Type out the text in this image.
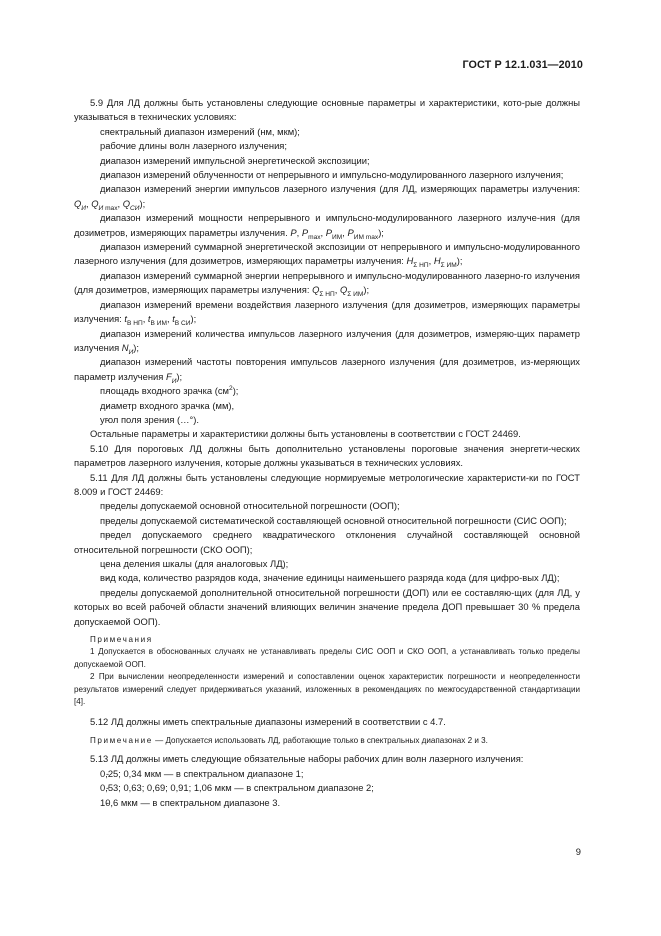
ГОСТ Р 12.1.031—2010

5.9 Для ЛД должны быть установлены следующие основные параметры и характеристики, кото-рые должны указываться в технических условиях:

- спектральный диапазон измерений (нм, мкм);

- рабочие длины волн лазерного излучения;

- диапазон измерений импульсной энергетической экспозиции;

- диапазон измерений облученности от непрерывного и импульсно-модулированного лазерного излучения;

- диапазон измерений энергии импульсов лазерного излучения (для ЛД, измеряющих параметры излучения: $Q_И$, $Q_{И max}$, $Q_{СИ}$);

- диапазон измерений мощности непрерывного и импульсно-модулированного лазерного излуче-ния (для дозиметров, измеряющих параметры излучения. P, $P_{max}$, $P_{ИМ}$, $P_{ИМ max}$);

- диапазон измерений суммарной энергетической экспозиции от непрерывного и импульсно-модулированного лазерного излучения (для дозиметров, измеряющих параметры излучения: $H_{\Sigma НП}$, $H_{\Sigma ИМ}$);

- диапазон измерений суммарной энергии непрерывного и импульсно-модулированного лазерно-го излучения (для дозиметров, измеряющих параметры излучения: $Q_{\Sigma НП}$, $Q_{\Sigma ИМ}$);

- диапазон измерений времени воздействия лазерного излучения (для дозиметров, измеряющих параметры излучения: $t_{В НП}$, $t_{В ИМ}$, $t_{В СИ}$);

- диапазон измерений количества импульсов лазерного излучения (для дозиметров, измеряю-щих параметр излучения $N_И$);

- диапазон измерений частоты повторения импульсов лазерного излучения (для дозиметров, из-меряющих параметр излучения $F_И$);

- площадь входного зрачка $(см^2)$;

- диаметр входного зрачка (мм),

- угол поля зрения (…°).

Остальные параметры и характеристики должны быть установлены в соответствии с ГОСТ 24469.

5.10 Для пороговых ЛД должны быть дополнительно установлены пороговые значения энергети-ческих параметров лазерного излучения, которые должны указываться в технических условиях.

5.11 Для ЛД должны быть установлены следующие нормируемые метрологические характеристи-ки по ГОСТ 8.009 и ГОСТ 24469:

- пределы допускаемой основной относительной погрешности (ООП);

- пределы допускаемой систематической составляющей основной относительной погрешности (СИС ООП);

- предел допускаемого среднего квадратического отклонения случайной составляющей основной относительной погрешности (СКО ООП);

- цена деления шкалы (для аналоговых ЛД);

- вид кода, количество разрядов кода, значение единицы наименьшего разряда кода (для цифро-вых ЛД);

- пределы допускаемой дополнительной относительной погрешности (ДОП) или ее составляю-щих (для ЛД, у которых во всей рабочей области значений влияющих величин значение предела ДОП превышает 30 % предела допускаемой ООП).

Примечания

1 Допускается в обоснованных случаях не устанавливать пределы СИС ООП и СКО ООП, а устанавливать только пределы допускаемой ООП.

2 При вычислении неопределенности измерений и сопоставлении оценок характеристик погрешности и неопределенности результатов измерений следует придерживаться указаний, изложенных в рекомендациях по межгосударственной стандартизации [4].

5.12 ЛД должны иметь спектральные диапазоны измерений в соответствии с 4.7.

Примечание — Допускается использовать ЛД, работающие только в спектральных диапазонах 2 и 3.

5.13 ЛД должны иметь следующие обязательные наборы рабочих длин волн лазерного излучения:

- 0,25; 0,34 мкм — в спектральном диапазоне 1;

- 0,53; 0,63; 0,69; 0,91; 1,06 мкм — в спектральном диапазоне 2;

- 10,6 мкм — в спектральном диапазоне 3.

9
